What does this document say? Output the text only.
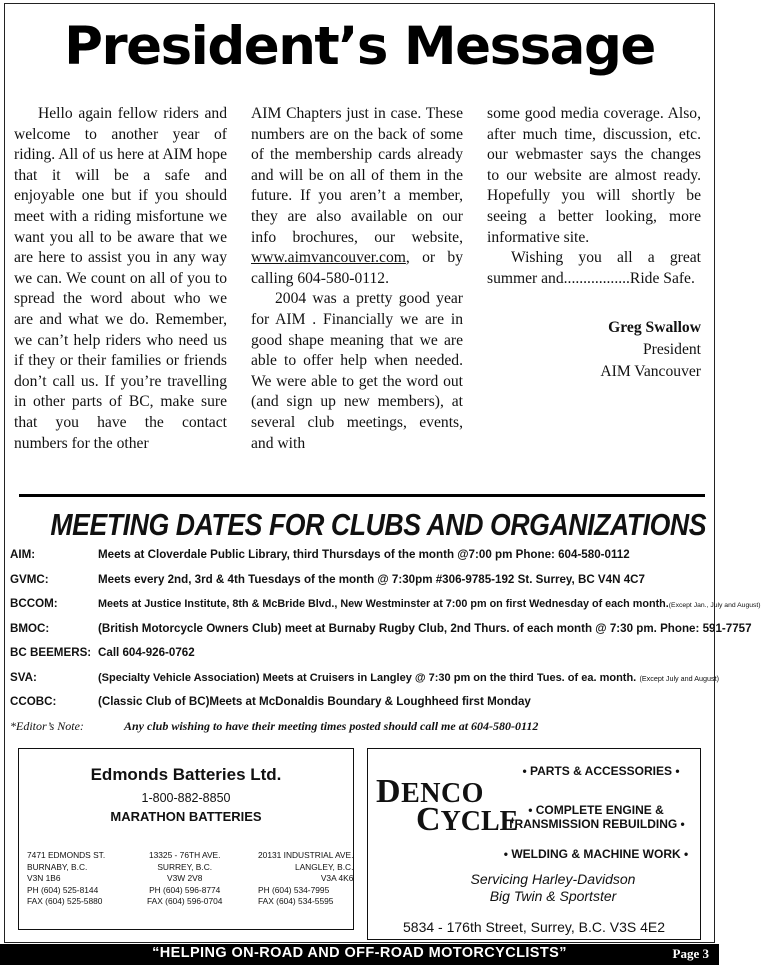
President’s Message

Hello again fellow riders and welcome to another year of riding. All of us here at AIM hope that it will be a safe and enjoyable one but if you should meet with a riding misfortune we want you all to be aware that we are here to assist you in any way we can. We count on all of you to spread the word about who we are and what we do. Remember, we can’t help riders who need us if they or their families or friends don’t call us. If you’re travelling in other parts of BC, make sure that you have the contact numbers for the other

AIM Chapters just in case. These numbers are on the back of some of the membership cards already and will be on all of them in the future. If you aren’t a member, they are also available on our info brochures, our website, www.aimvancouver.com, or by calling 604-580-0112.

2004 was a pretty good year for AIM . Financially we are in good shape meaning that we are able to offer help when needed. We were able to get the word out (and sign up new members), at several club meetings, events, and with

some good media coverage. Also, after much time, discussion, etc. our webmaster says the changes to our website are almost ready. Hopefully you will shortly be seeing a better looking, more informative site.

Wishing you all a great summer and.................Ride Safe.

Greg Swallow
President
AIM Vancouver

MEETING DATES FOR CLUBS AND ORGANIZATIONS
AIM:	Meets at Cloverdale Public Library, third Thursdays of the month @7:00 pm Phone: 604-580-0112
GVMC:	Meets every 2nd, 3rd & 4th Tuesdays of the month @ 7:30pm #306-9785-192 St. Surrey, BC V4N 4C7
BCCOM:	Meets at Justice Institute, 8th & McBride Blvd., New Westminster at 7:00 pm on first Wednesday of each month.(Except Jan., July and August)
BMOC:	(British Motorcycle Owners Club) meet at Burnaby Rugby Club, 2nd Thurs. of each month @ 7:30 pm. Phone: 591-7757
BC BEEMERS: Call 604-926-0762
SVA:	(Specialty Vehicle Association) Meets at Cruisers in Langley @ 7:30 pm on the third Tues. of ea. month. (Except July and August)
CCOBC:	(Classic Club of BC)Meets at McDonaldis Boundary & Loughheed first Monday
*Editor’s Note:	Any club wishing to have their meeting times posted should call me at 604-580-0112
Edmonds Batteries Ltd.
1-800-882-8850
MARATHON BATTERIES
7471 EDMONDS ST.
BURNABY, B.C.
V3N 1B6
PH (604) 525-8144
FAX (604) 525-5880
13325 - 76TH AVE.
SURREY, B.C.
V3W 2V8
PH (604) 596-8774
FAX (604) 596-0704
20131 INDUSTRIAL AVE.
LANGLEY, B.C.
V3A 4K6
PH (604) 534-7995
FAX (604) 534-5595
DENCO
CYCLE
• PARTS & ACCESSORIES •
• COMPLETE ENGINE &
TRANSMISSION REBUILDING •
• WELDING & MACHINE WORK •
Servicing Harley-Davidson
Big Twin & Sportster
5834 - 176th Street, Surrey, B.C. V3S 4E2
“HELPING ON-ROAD AND OFF-ROAD MOTORCYCLISTS”	Page 3
